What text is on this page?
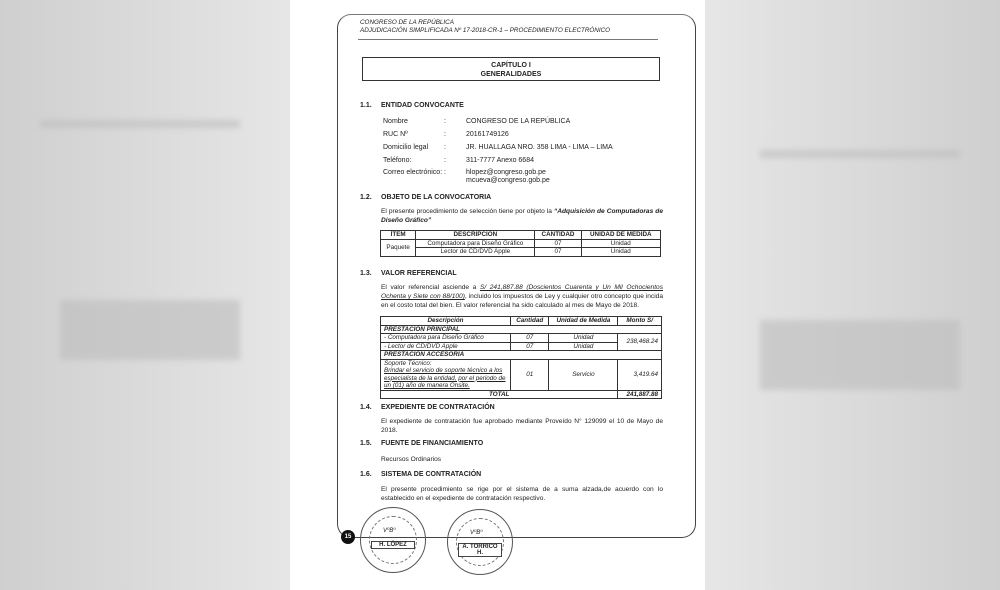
CONGRESO DE LA REPÚBLICA
ADJUDICACIÓN SIMPLIFICADA Nº 17-2018-CR-1 – PROCEDIMIENTO ELECTRÓNICO
CAPÍTULO I
GENERALIDADES
1.1. ENTIDAD CONVOCANTE
Nombre	:	CONGRESO DE LA REPÚBLICA
RUC Nº	:	20161749126
Domicilio legal :	JR. HUALLAGA NRO. 358 LIMA - LIMA – LIMA
Teléfono:	:	311-7777 Anexo 6684
Correo electrónico: :	hlopez@congreso.gob.pe
mcueva@congreso.gob.pe
1.2. OBJETO DE LA CONVOCATORIA
El presente procedimiento de selección tiene por objeto la “Adquisición de Computadoras de Diseño Gráfico”
ÍTEM	DESCRIPCIÓN	CANTIDAD	UNIDAD DE MEDIDA
Paquete	Computadora para Diseño Gráfico	07	Unidad
	Lector de CD/DVD Apple	07	Unidad
1.3. VALOR REFERENCIAL
El valor referencial asciende a S/ 241,887.88 (Doscientos Cuarenta y Un Mil Ochocientos Ochenta y Siete con 88/100), incluido los impuestos de Ley y cualquier otro concepto que incida en el costo total del bien. El valor referencial ha sido calculado al mes de Mayo de 2018.
Descripción	Cantidad	Unidad de Medida	Monto S/
PRESTACIÓN PRINCIPAL			
- Computadora para Diseño Gráfico	07	Unidad	238,468.24
- Lector de CD/DVD Apple	07	Unidad	
PRESTACIÓN ACCESORIA			

Soporte Técnico:
Brindar el servicio de soporte técnico a los especialista de la entidad, por el periodo de un (01) año de manera Onsite.	01	Servicio	3,419.64
TOTAL			241,887.88
1.4. EXPEDIENTE DE CONTRATACIÓN
El expediente de contratación fue aprobado mediante Proveído N° 129099 el 10 de Mayo de 2018.
1.5. FUENTE DE FINANCIAMIENTO
Recursos Ordinarios
1.6. SISTEMA DE CONTRATACIÓN
El presente procedimiento se rige por el sistema de a suma alzada,de acuerdo con lo establecido en el expediente de contratación respectivo.
15
VºBº
H. LÓPEZ
VºBº
A. TORRICO H.
